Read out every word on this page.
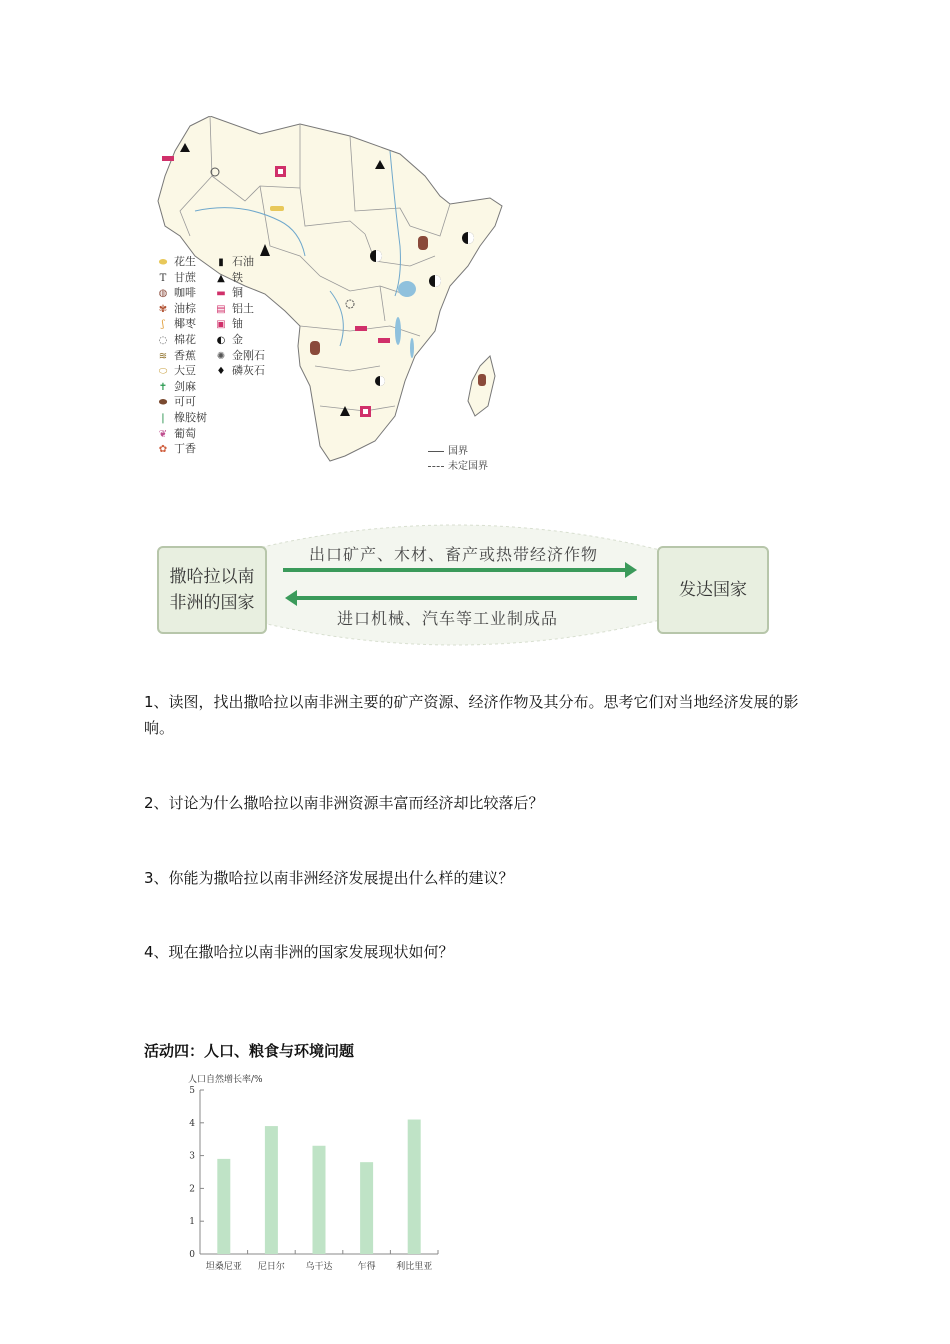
⬬ 花生
T 甘蔗
◍ 咖啡
✾ 油棕
ʃ 椰枣
◌ 棉花
≋ 香蕉
⬭ 大豆
✝ 剑麻
⬬ 可可
❘ 橡胶树
❦ 葡萄
✿ 丁香
▮ 石油
▲ 铁
▬ 铜
▤ 铝土
▣ 铀
◐ 金
✺ 金刚石
♦ 磷灰石
国界
未定国界
撒哈拉以南非洲的国家
发达国家
出口矿产、木材、畜产或热带经济作物
进口机械、汽车等工业制成品
1、读图，找出撒哈拉以南非洲主要的矿产资源、经济作物及其分布。思考它们对当地经济发展的影响。
2、讨论为什么撒哈拉以南非洲资源丰富而经济却比较落后？
3、你能为撒哈拉以南非洲经济发展提出什么样的建议？
4、现在撒哈拉以南非洲的国家发展现状如何？
活动四：人口、粮食与环境问题
人口自然增长率/%
0
1
2
3
4
5
坦桑尼亚 尼日尔 乌干达	乍得 利比里亚
